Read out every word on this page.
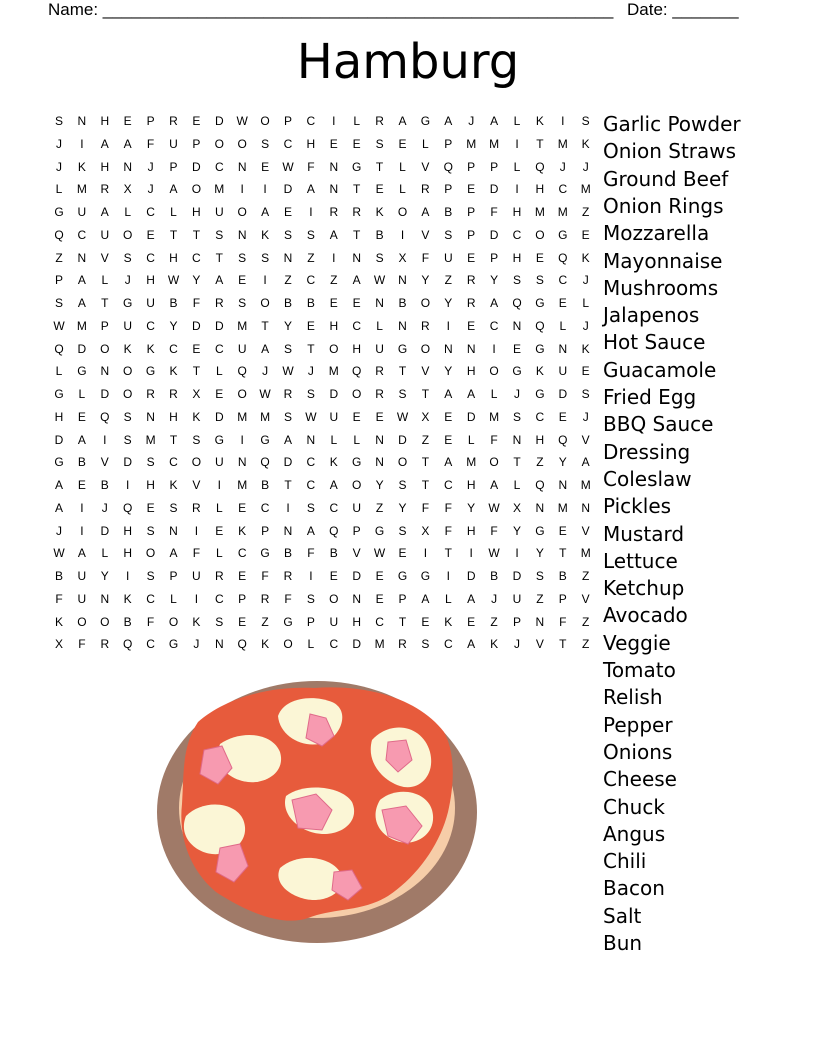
Name: ______________________________________________________ Date: _______
Hamburg
S	N	H	E	P	R	E	D	W	O	P	C	I	L	R	A	G	A	J	A	L	K	I	S
J	I	A	A	F	U	P	O	O	S	C	H	E	E	S	E	L	P	M	M	I	T	M	K
J	K	H	N	J	P	D	C	N	E	W	F	N	G	T	L	V	Q	P	P	L	Q	J	J
L	M	R	X	J	A	O	M	I	I	D	A	N	T	E	L	R	P	E	D	I	H	C	M
G	U	A	L	C	L	H	U	O	A	E	I	R	R	K	O	A	B	P	F	H	M	M	Z
Q	C	U	O	E	T	T	S	N	K	S	S	A	T	B	I	V	S	P	D	C	O	G	E
Z	N	V	S	C	H	C	T	S	S	N	Z	I	N	S	X	F	U	E	P	H	E	Q	K
P	A	L	J	H	W	Y	A	E	I	Z	C	Z	A	W	N	Y	Z	R	Y	S	S	C	J
S	A	T	G	U	B	F	R	S	O	B	B	E	E	N	B	O	Y	R	A	Q	G	E	L
W	M	P	U	C	Y	D	D	M	T	Y	E	H	C	L	N	R	I	E	C	N	Q	L	J
Q	D	O	K	K	C	E	C	U	A	S	T	O	H	U	G	O	N	N	I	E	G	N	K
L	G	N	O	G	K	T	L	Q	J	W	J	M	Q	R	T	V	Y	H	O	G	K	U	E
G	L	D	O	R	R	X	E	O	W	R	S	D	O	R	S	T	A	A	L	J	G	D	S
H	E	Q	S	N	H	K	D	M	M	S	W	U	E	E	W	X	E	D	M	S	C	E	J
D	A	I	S	M	T	S	G	I	G	A	N	L	L	N	D	Z	E	L	F	N	H	Q	V
G	B	V	D	S	C	O	U	N	Q	D	C	K	G	N	O	T	A	M	O	T	Z	Y	A
A	E	B	I	H	K	V	I	M	B	T	C	A	O	Y	S	T	C	H	A	L	Q	N	M
A	I	J	Q	E	S	R	L	E	C	I	S	C	U	Z	Y	F	F	Y	W	X	N	M	N
J	I	D	H	S	N	I	E	K	P	N	A	Q	P	G	S	X	F	H	F	Y	G	E	V
W	A	L	H	O	A	F	L	C	G	B	F	B	V	W	E	I	T	I	W	I	Y	T	M
B	U	Y	I	S	P	U	R	E	F	R	I	E	D	E	G	G	I	D	B	D	S	B	Z
F	U	N	K	C	L	I	C	P	R	F	S	O	N	E	P	A	L	A	J	U	Z	P	V
K	O	O	B	F	O	K	S	E	Z	G	P	U	H	C	T	E	K	E	Z	P	N	F	Z
X	F	R	Q	C	G	J	N	Q	K	O	L	C	D	M	R	S	C	A	K	J	V	T	Z
Garlic Powder
Onion Straws
Ground Beef
Onion Rings
Mozzarella
Mayonnaise
Mushrooms
Jalapenos
Hot Sauce
Guacamole
Fried Egg
BBQ Sauce
Dressing
Coleslaw
Pickles
Mustard
Lettuce
Ketchup
Avocado
Veggie
Tomato
Relish
Pepper
Onions
Cheese
Chuck
Angus
Chili
Bacon
Salt
Bun
